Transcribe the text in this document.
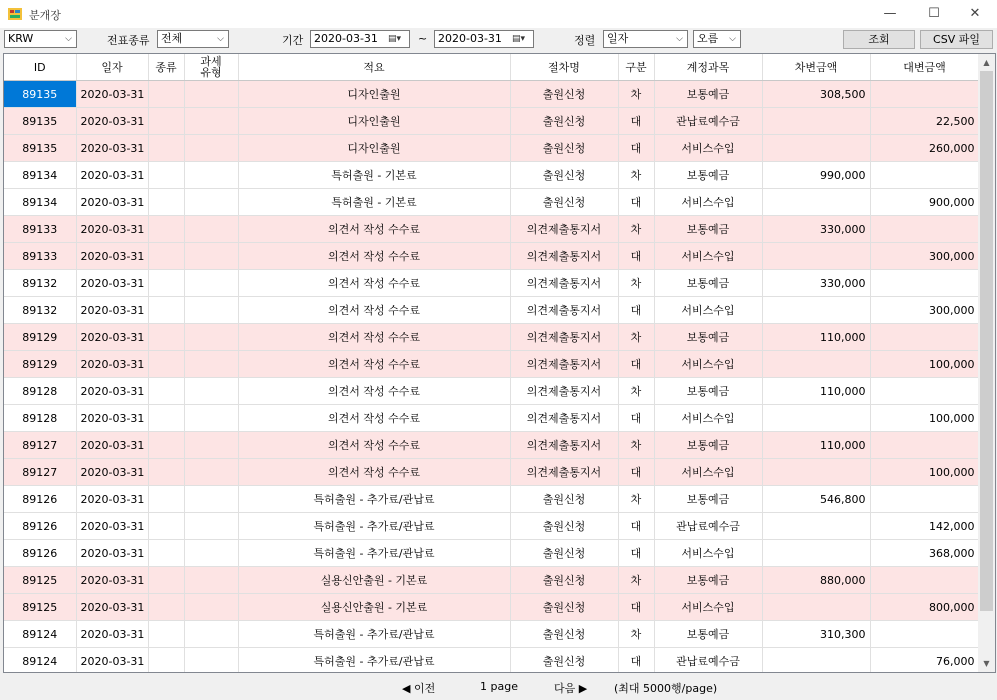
분개장	—	☐	✕
KRW	⌵	전표종류	전체	⌵	기간 2020-03-31	▤▾	~ 2020-03-31	▤▾	정렬	일자	⌵	오름	⌵	조회	CSV 파일
ID	일자	종류	과세
유형	적요	절차명	구분	계정과목	차변금액	대변금액
89135	2020-03-31			디자인출원	출원신청	차	보통예금	308,500	
89135	2020-03-31			디자인출원	출원신청	대	관납료예수금		22,500
89135	2020-03-31			디자인출원	출원신청	대	서비스수입		260,000
89134	2020-03-31			특허출원 - 기본료	출원신청	차	보통예금	990,000	
89134	2020-03-31			특허출원 - 기본료	출원신청	대	서비스수입		900,000
89133	2020-03-31			의견서 작성 수수료	의견제출통지서	차	보통예금	330,000	
89133	2020-03-31			의견서 작성 수수료	의견제출통지서	대	서비스수입		300,000
89132	2020-03-31			의견서 작성 수수료	의견제출통지서	차	보통예금	330,000	
89132	2020-03-31			의견서 작성 수수료	의견제출통지서	대	서비스수입		300,000
89129	2020-03-31			의견서 작성 수수료	의견제출통지서	차	보통예금	110,000	
89129	2020-03-31			의견서 작성 수수료	의견제출통지서	대	서비스수입		100,000
89128	2020-03-31			의견서 작성 수수료	의견제출통지서	차	보통예금	110,000	
89128	2020-03-31			의견서 작성 수수료	의견제출통지서	대	서비스수입		100,000
89127	2020-03-31			의견서 작성 수수료	의견제출통지서	차	보통예금	110,000	
89127	2020-03-31			의견서 작성 수수료	의견제출통지서	대	서비스수입		100,000
89126	2020-03-31			특허출원 - 추가료/관납료	출원신청	차	보통예금	546,800	
89126	2020-03-31			특허출원 - 추가료/관납료	출원신청	대	관납료예수금		142,000
89126	2020-03-31			특허출원 - 추가료/관납료	출원신청	대	서비스수입		368,000
89125	2020-03-31			실용신안출원 - 기본료	출원신청	차	보통예금	880,000	
89125	2020-03-31			실용신안출원 - 기본료	출원신청	대	서비스수입		800,000
89124	2020-03-31			특허출원 - 추가료/관납료	출원신청	차	보통예금	310,300	
89124	2020-03-31			특허출원 - 추가료/관납료	출원신청	대	관납료예수금		76,000
▲
▼
◀ 이전	1 page	다음 ▶ (최대 5000행/page)
